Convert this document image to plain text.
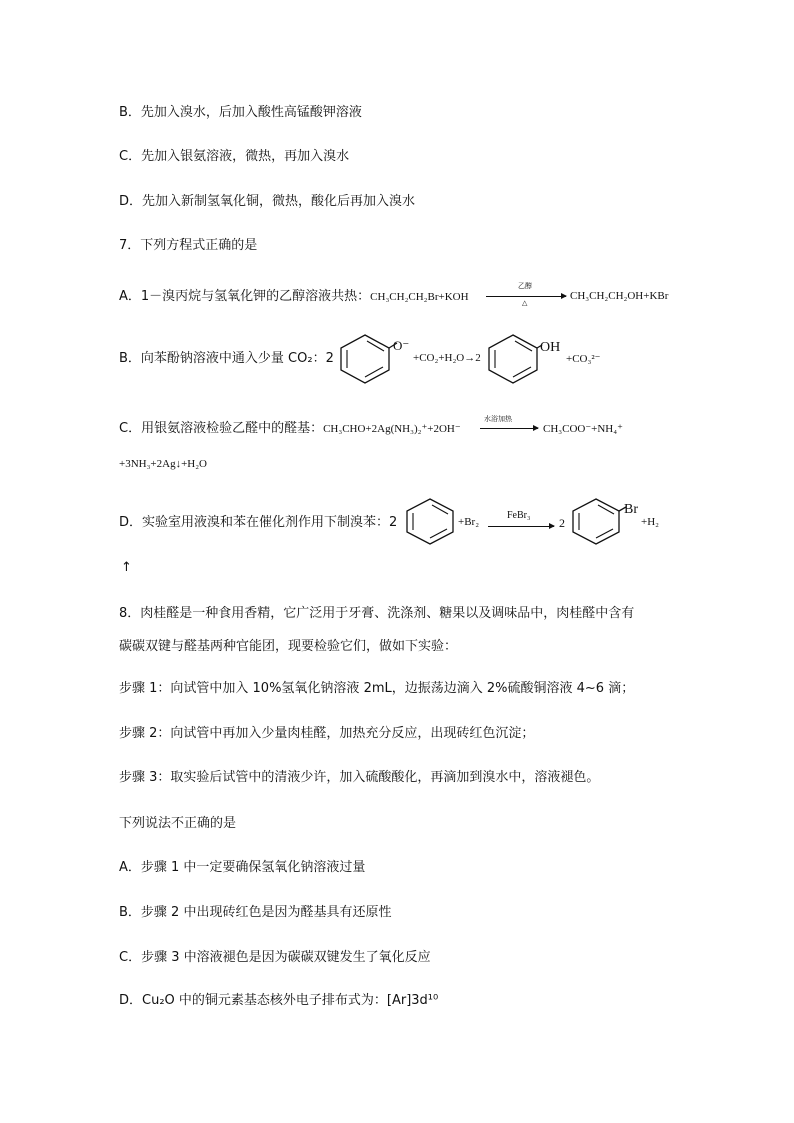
B．先加入溴水，后加入酸性高锰酸钾溶液
C．先加入银氨溶液，微热，再加入溴水
D．先加入新制氢氧化铜，微热，酸化后再加入溴水
7．下列方程式正确的是
A．1－溴丙烷与氢氧化钾的乙醇溶液共热：CH₃CH₂CH₂Br+KOH
乙醇
△
CH₃CH₂CH₂OH+KBr
B．向苯酚钠溶液中通入少量 CO₂：2
O⁻
+CO₂+H₂O→2
OH
+CO₃²⁻
C．用银氨溶液检验乙醛中的醛基：CH₃CHO+2Ag(NH₃)₂⁺+2OH⁻
水浴加热
CH₃COO⁻+NH₄⁺
+3NH₃+2Ag↓+H₂O
D．实验室用液溴和苯在催化剂作用下制溴苯：2	+Br₂
FeBr₃
2
Br
+H₂
↑
8．肉桂醛是一种食用香精，它广泛用于牙膏、洗涤剂、糖果以及调味品中，肉桂醛中含有
碳碳双键与醛基两种官能团，现要检验它们，做如下实验：
步骤 1：向试管中加入 10%氢氧化钠溶液 2mL，边振荡边滴入 2%硫酸铜溶液 4~6 滴；
步骤 2：向试管中再加入少量肉桂醛，加热充分反应，出现砖红色沉淀；
步骤 3：取实验后试管中的清液少许，加入硫酸酸化，再滴加到溴水中，溶液褪色。
下列说法不正确的是
A．步骤 1 中一定要确保氢氧化钠溶液过量
B．步骤 2 中出现砖红色是因为醛基具有还原性
C．步骤 3 中溶液褪色是因为碳碳双键发生了氧化反应
D．Cu₂O 中的铜元素基态核外电子排布式为：[Ar]3d¹⁰
